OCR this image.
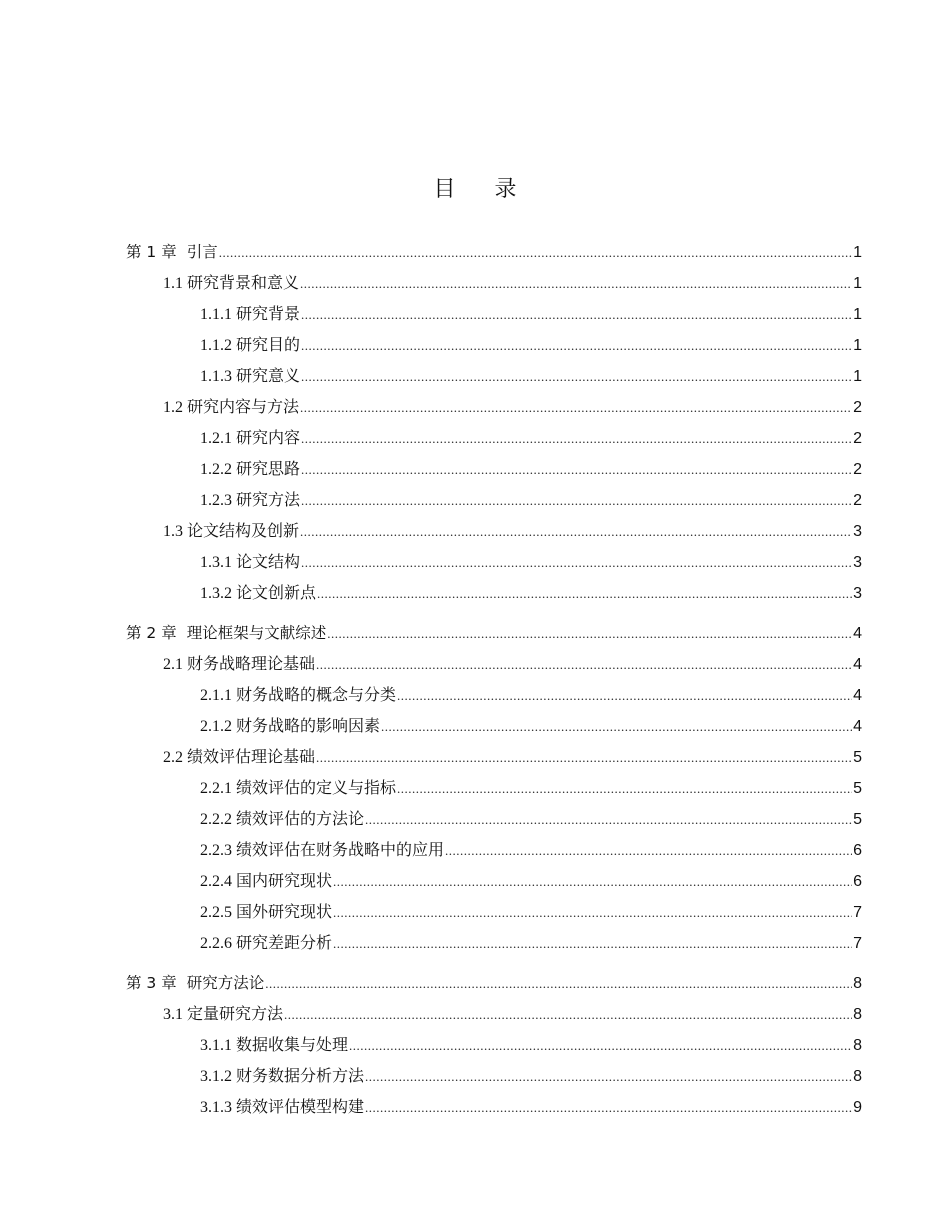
目 录
第 1 章 引言 .....	1
1.1 研究背景和意义 .....	1
1.1.1 研究背景 .....	1
1.1.2 研究目的 .....	1
1.1.3 研究意义 .....	1
1.2 研究内容与方法 .....	2
1.2.1 研究内容 .....	2
1.2.2 研究思路 .....	2
1.2.3 研究方法 .....	2
1.3 论文结构及创新 .....	3
1.3.1 论文结构 .....	3
1.3.2 论文创新点 .....	3
第 2 章 理论框架与文献综述 .....	4
2.1 财务战略理论基础 .....	4
2.1.1 财务战略的概念与分类 .....	4
2.1.2 财务战略的影响因素 .....	4
2.2 绩效评估理论基础 .....	5
2.2.1 绩效评估的定义与指标 .....	5
2.2.2 绩效评估的方法论 .....	5
2.2.3 绩效评估在财务战略中的应用 .....	6
2.2.4 国内研究现状 .....	6
2.2.5 国外研究现状 .....	7
2.2.6 研究差距分析 .....	7
第 3 章 研究方法论 .....	8
3.1 定量研究方法 .....	8
3.1.1 数据收集与处理 .....	8
3.1.2 财务数据分析方法 .....	8
3.1.3 绩效评估模型构建 .....	9
